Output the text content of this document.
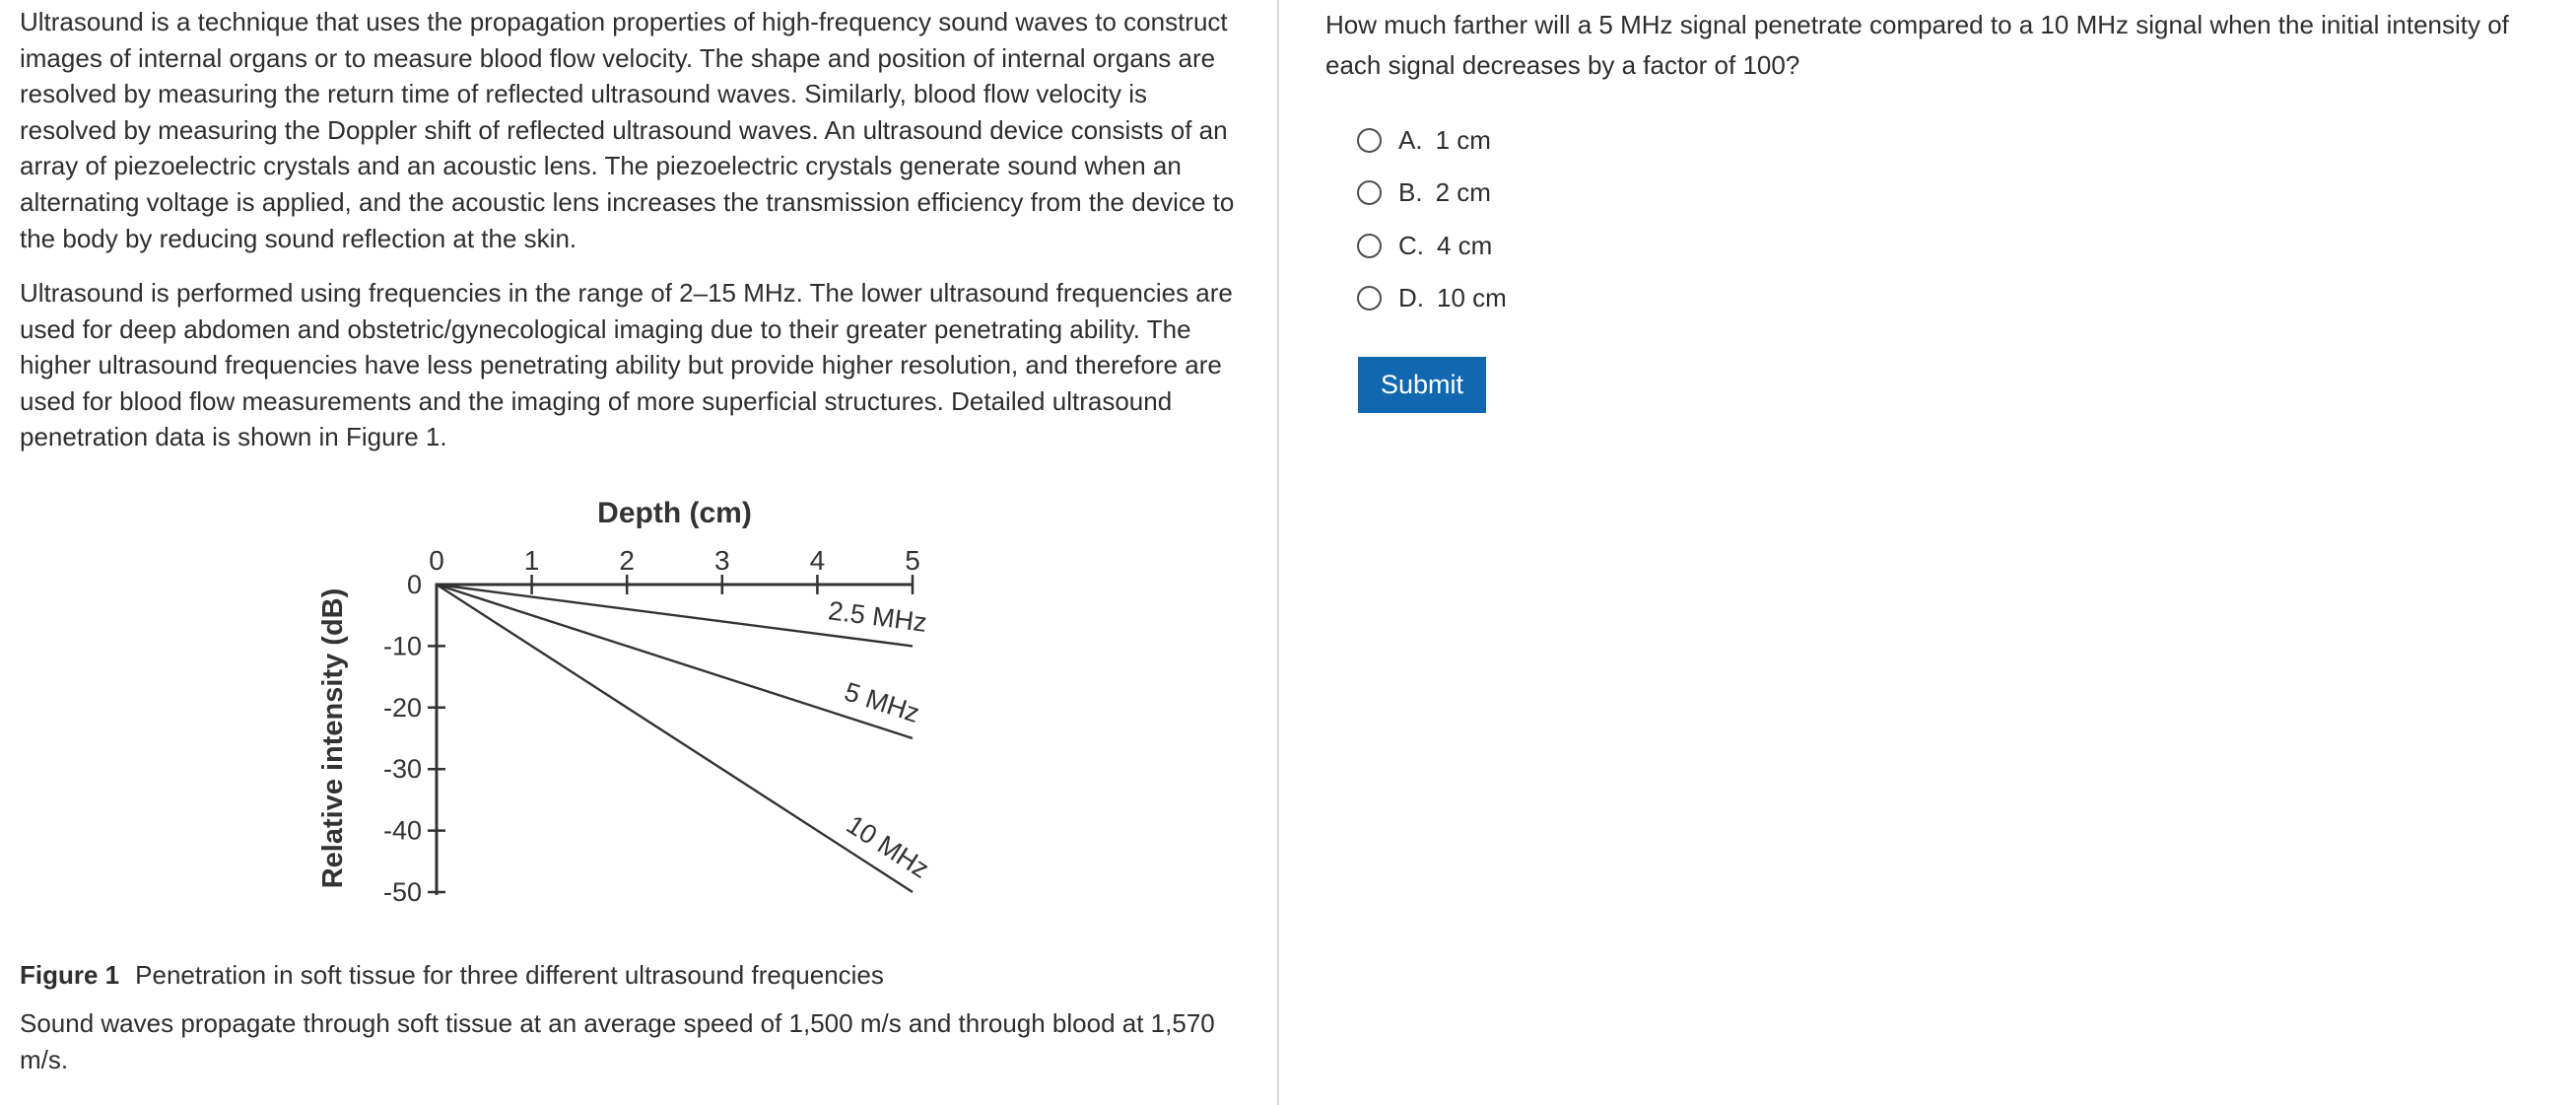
Ultrasound is a technique that uses the propagation properties of high-frequency sound waves to construct images of internal organs or to measure blood flow velocity. The shape and position of internal organs are resolved by measuring the return time of reflected ultrasound waves. Similarly, blood flow velocity is resolved by measuring the Doppler shift of reflected ultrasound waves. An ultrasound device consists of an array of piezoelectric crystals and an acoustic lens. The piezoelectric crystals generate sound when an alternating voltage is applied, and the acoustic lens increases the transmission efficiency from the device to the body by reducing sound reflection at the skin.

Ultrasound is performed using frequencies in the range of 2–15 MHz. The lower ultrasound frequencies are used for deep abdomen and obstetric/gynecological imaging due to their greater penetrating ability. The higher ultrasound frequencies have less penetrating ability but provide higher resolution, and therefore are used for blood flow measurements and the imaging of more superficial structures. Detailed ultrasound penetration data is shown in Figure 1.

0	1	2	3	4	5
0
-10
-20
-30
-40
-50
Depth (cm)
Relative intensity (dB)	2.5 MHz
5 MHz
10 MHz

Figure 1 Penetration in soft tissue for three different ultrasound frequencies

Sound waves propagate through soft tissue at an average speed of 1,500 m/s and through blood at 1,570 m/s.

How much farther will a 5 MHz signal penetrate compared to a 10 MHz signal when the initial intensity of each signal decreases by a factor of 100?

A. 1 cm
B. 2 cm
C. 4 cm
D. 10 cm
Submit
